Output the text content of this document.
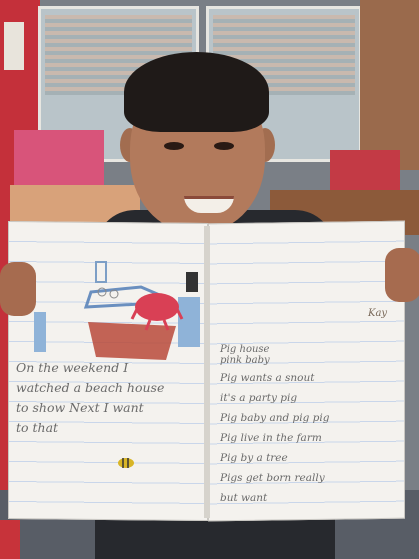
Pig house
pink baby
Kay
On the weekend I
watched a beach house
to show Next I want
to that
Pig wants a snout
it's a party pig
Pig baby and pig pig
Pig live in the farm
Pig by a tree
Pigs get born really
but want
